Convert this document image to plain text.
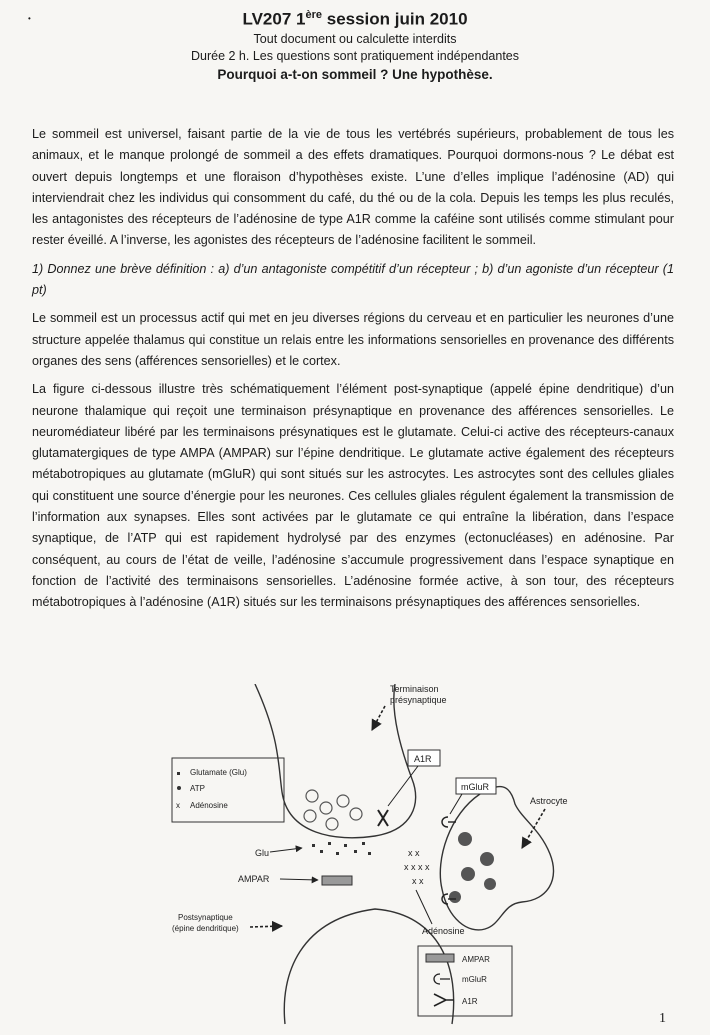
•	LV207 1ère session juin 2010
Tout document ou calculette interdits
Durée 2 h. Les questions sont pratiquement indépendantes
Pourquoi a-t-on sommeil ? Une hypothèse.

Le sommeil est universel, faisant partie de la vie de tous les vertébrés supérieurs, probablement de tous les animaux, et le manque prolongé de sommeil a des effets dramatiques. Pourquoi dormons-nous ? Le débat est ouvert depuis longtemps et une floraison d’hypothèses existe. L’une d’elles implique l’adénosine (AD) qui interviendrait chez les individus qui consomment du café, du thé ou de la cola. Depuis les temps les plus reculés, les antagonistes des récepteurs de l’adénosine de type A1R comme la caféine sont utilisés comme stimulant pour rester éveillé. A l’inverse, les agonistes des récepteurs de l’adénosine facilitent le sommeil.

1) Donnez une brève définition : a) d’un antagoniste compétitif d’un récepteur ; b) d’un agoniste d’un récepteur (1 pt)

Le sommeil est un processus actif qui met en jeu diverses régions du cerveau et en particulier les neurones d’une structure appelée thalamus qui constitue un relais entre les informations sensorielles en provenance des différents organes des sens (afférences sensorielles) et le cortex.

La figure ci-dessous illustre très schématiquement l’élément post-synaptique (appelé épine dendritique) d’un neurone thalamique qui reçoit une terminaison présynaptique en provenance des afférences sensorielles. Le neuromédiateur libéré par les terminaisons présynatiques est le glutamate. Celui-ci active des récepteurs-canaux glutamatergiques de type AMPA (AMPAR) sur l’épine dendritique. Le glutamate active également des récepteurs métabotropiques au glutamate (mGluR) qui sont situés sur les astrocytes. Les astrocytes sont des cellules gliales qui constituent une source d’énergie pour les neurones. Ces cellules gliales régulent également la transmission de l’information aux synapses. Elles sont activées par le glutamate ce qui entraîne la libération, dans l’espace synaptique, de l’ATP qui est rapidement hydrolysé par des enzymes (ectonucléases) en adénosine. Par conséquent, au cours de l’état de veille, l’adénosine s’accumule progressivement dans l’espace synaptique en fonction de l’activité des terminaisons sensorielles. L’adénosine formée active, à son tour, des récepteurs métabotropiques à l’adénosine (A1R) situés sur les terminaisons présynaptiques des afférences sensorielles.

x x
x x x x
x x
Terminaison
présynaptique
A1R
mGluR
Astrocyte
Glu
AMPAR
Postsynaptique
(épine dendritique)	Adénosine
Glutamate (Glu)
ATP
x Adénosine
AMPAR
mGluR
A1R
1
